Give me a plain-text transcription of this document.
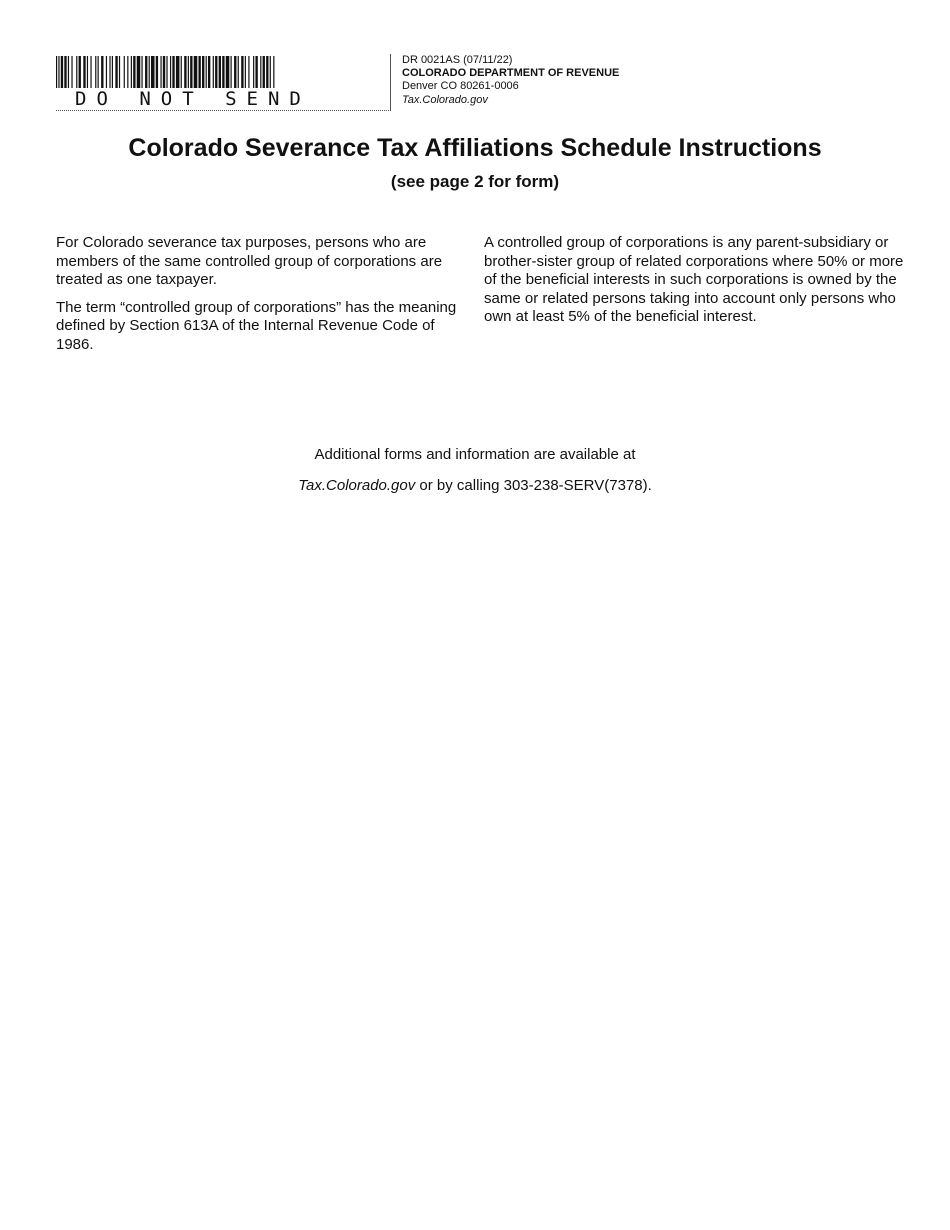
DO NOT SEND
DR 0021AS (07/11/22)
COLORADO DEPARTMENT OF REVENUE
Denver CO 80261-0006
Tax.Colorado.gov
Colorado Severance Tax Affiliations Schedule Instructions
(see page 2 for form)

For Colorado severance tax purposes, persons who are members of the same controlled group of corporations are treated as one taxpayer.

The term “controlled group of corporations” has the meaning defined by Section 613A of the Internal Revenue Code of 1986.

A controlled group of corporations is any parent-subsidiary or brother-sister group of related corporations where 50% or more of the beneficial interests in such corporations is owned by the same or related persons taking into account only persons who own at least 5% of the beneficial interest.

Additional forms and information are available at

Tax.Colorado.gov or by calling 303-238-SERV(7378).
